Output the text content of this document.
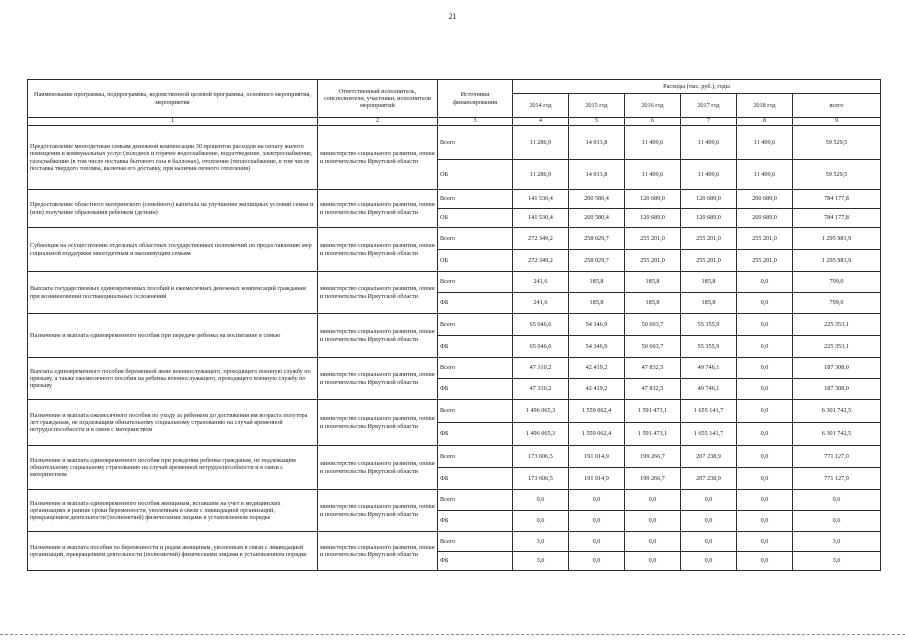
21
Наименование программы, подпрограммы, ведомственной целевой программы, основного мероприятия, мероприятия	Ответственный исполнитель, соисполнители, участники, исполнители мероприятий	Источники финансирования	Расходы (тыс. руб.), годы					
			2014 год	2015 год	2016 год	2017 год	2018 год	всего
1	2	3	4	5	6	7	8	9
Предоставление многодетным семьям денежной компенсации 30 процентов расходов на оплату жилого помещения и коммунальных услуг (холодное и горячее водоснабжение, водоотведение, электроснабжение, газоснабжение (в том числе поставка бытового газа в баллонах), отопление (теплоснабжение, в том числе поставка твердого топлива, включая его доставку, при наличии печного отопления)	министерство социального развития, опеки и попечительства Иркутской области	Всего	11 286,9	14 013,8	11 409,6	11 409,6	11 409,6	59 529,5
		ОБ	11 286,9	14 013,8	11 409,6	11 409,6	11 409,6	59 529,5
Предоставление областного материнского (семейного) капитала на улучшение жилищных условий семьи и (или) получение образования ребенком (детьми)	министерство социального развития, опеки и попечительства Иркутской области	Всего	141 530,4	200 580,4	120 689,0	120 689,0	200 689,0	784 177,8
		ОБ	141 530,4	200 580,4	120 689,0	120 689,0	200 689,0	784 177,8
Субвенция на осуществление отдельных областных государственных полномочий по предоставлению мер социальной поддержки многодетным и малоимущим семьям	министерство социального развития, опеки и попечительства Иркутской области	Всего	272 349,2	258 029,7	255 201,0	255 201,0	255 201,0	1 295 981,9
		ОБ	272 349,2	258 029,7	255 201,0	255 201,0	255 201,0	1 295 981,9
Выплата государственных единовременных пособий и ежемесячных денежных компенсаций гражданам при возникновении поствакцинальных осложнений	министерство социального развития, опеки и попечительства Иркутской области	Всего	241,6	185,8	185,8	185,8	0,0	799,0
		ФБ	241,6	185,8	185,8	185,8	0,0	799,0
Назначение и выплата единовременного пособия при передаче ребенка на воспитание в семью	министерство социального развития, опеки и попечительства Иркутской области	Всего	65 046,6	54 346,9	50 603,7	55 355,9	0,0	225 353,1
		ФБ	65 046,6	54 346,9	50 603,7	55 355,9	0,0	225 353,1
Выплата единовременного пособия беременной жене военнослужащего, проходящего военную службу по призыву, а также ежемесячного пособия на ребенка военнослужащего, проходящего военную службу по призыву	министерство социального развития, опеки и попечительства Иркутской области	Всего	47 310,2	42 419,2	47 832,5	49 746,1	0,0	187 308,0
		ФБ	47 310,2	42 419,2	47 832,5	49 746,1	0,0	187 308,0
Назначение и выплата ежемесячного пособия по уходу за ребенком до достижения им возраста полутора лет гражданам, не подлежащим обязательному социальному страхованию на случай временной нетрудоспособности и в связи с материнством	министерство социального развития, опеки и попечительства Иркутской области	Всего	1 496 065,3	1 559 062,4	1 591 473,1	1 655 141,7	0,0	6 301 742,5
		ФБ	1 496 065,3	1 559 062,4	1 591 473,1	1 655 141,7	0,0	6 301 742,5
Назначение и выплата единовременного пособия при рождении ребенка гражданам, не подлежащим обязательному социальному страхованию на случай временной нетрудоспособности и в связи с материнством	министерство социального развития, опеки и попечительства Иркутской области	Всего	173 606,5	191 014,9	199 266,7	207 238,9	0,0	771 127,0
		ФБ	173 606,5	191 014,9	199 266,7	207 238,9	0,0	771 127,0
Назначение и выплата единовременного пособия женщинам, вставшим на учет в медицинских организациях в ранние сроки беременности, уволенным в связи с ликвидацией организаций, прекращением деятельности (полномочий) физическими лицами в установленном порядке	министерство социального развития, опеки и попечительства Иркутской области	Всего	0,6	0,0	0,0	0,0	0,0	0,6
		ФБ	0,6	0,0	0,0	0,0	0,0	0,6
Назначение и выплата пособия по беременности и родам женщинам, уволенным в связи с ликвидацией организаций, прекращением деятельности (полномочий) физическими лицами в установленном порядке	министерство социального развития, опеки и попечительства Иркутской области	Всего	3,0	0,0	0,0	0,0	0,0	3,0
		ФБ	3,0	0,0	0,0	0,0	0,0	3,0
